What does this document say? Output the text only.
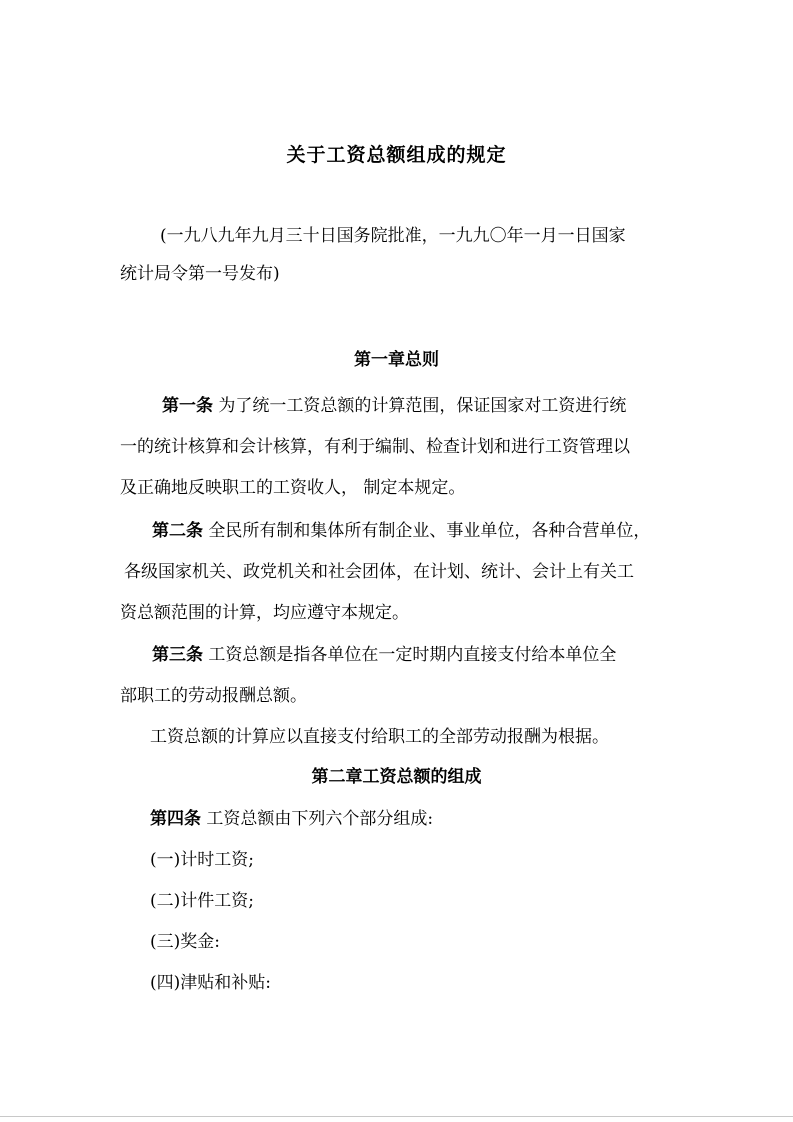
关于工资总额组成的规定
(一九八九年九月三十日国务院批准，一九九〇年一月一日国家
统计局令第一号发布)
第一章总则
第一条 为了统一工资总额的计算范围，保证国家对工资进行统
一的统计核算和会计核算，有利于编制、检查计划和进行工资管理以
及正确地反映职工的工资收人， 制定本规定。
第二条 全民所有制和集体所有制企业、事业单位，各种合营单位，
各级国家机关、政党机关和社会团体，在计划、统计、会计上有关工
资总额范围的计算，均应遵守本规定。
第三条 工资总额是指各单位在一定时期内直接支付给本单位全
部职工的劳动报酬总额。
工资总额的计算应以直接支付给职工的全部劳动报酬为根据。
第二章工资总额的组成
第四条 工资总额由下列六个部分组成:
(一)计时工资;
(二)计件工资;
(三)奖金:
(四)津贴和补贴:
